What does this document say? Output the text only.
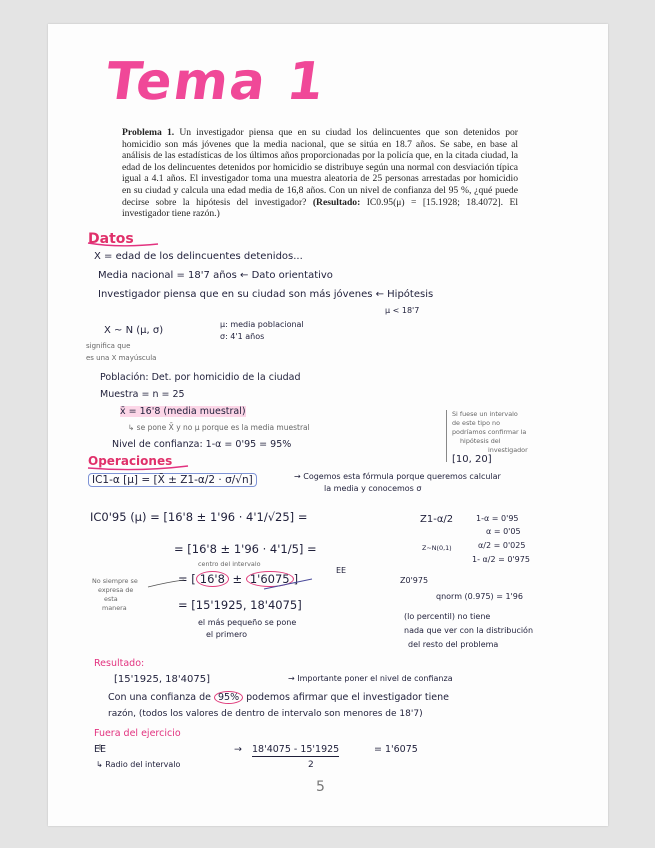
Tema 1
Problema 1. Un investigador piensa que en su ciudad los delincuentes que son detenidos por homicidio son más jóvenes que la media nacional, que se sitúa en 18.7 años. Se sabe, en base al análisis de las estadísticas de los últimos años proporcionadas por la policía que, en la citada ciudad, la edad de los delincuentes detenidos por homicidio se distribuye según una normal con desviación típica igual a 4.1 años. El investigador toma una muestra aleatoria de 25 personas arrestadas por homicidio en su ciudad y calcula una edad media de 16,8 años. Con un nivel de confianza del 95 %, ¿qué puede decirse sobre la hipótesis del investigador? (Resultado: IC0.95(μ) = [15.1928; 18.4072]. El investigador tiene razón.)
Datos
X = edad de los delincuentes detenidos...
Media nacional = 18'7 años ← Dato orientativo
Investigador piensa que en su ciudad son más jóvenes ← Hipótesis
μ < 18'7
X ~ N (μ, σ)
μ: media poblacional
σ: 4'1 años
significa que
es una X mayúscula
Población: Det. por homicidio de la ciudad
Muestra = n = 25
x̄ = 16'8 (media muestral)
↳ se pone X̄ y no μ porque es la media muestral
Nivel de confianza: 1-α = 0'95 = 95%
Si fuese un intervalo
de este tipo no
podríamos confirmar la
hipótesis del
investigador
[10, 20]
Operaciones
IC1-α [μ] = [X̄ ± Z1-α/2 · σ/√n]	→ Cogemos esta fórmula porque queremos calcular
la media y conocemos σ
IC0'95 (μ) = [16'8 ± 1'96 · 4'1/√25] =
= [16'8 ± 1'96 · 4'1/5] =
centro del intervalo
= [ 16'8 ± 1'6075 ]
EE
= [15'1925, 18'4075]
No siempre se
expresa de
esta
manera
el más pequeño se pone
el primero
Z1-α/2	1-α = 0'95
α = 0'05
α/2 = 0'025
1- α/2 = 0'975
Z~N(0,1)
Z0'975
qnorm (0.975) = 1'96
(lo percentil) no tiene
nada que ver con la distribución
del resto del problema
Resultado:
[15'1925, 18'4075]	→ Importante poner el nivel de confianza
Con una confianza de 95% podemos afirmar que el investigador tiene
razón, (todos los valores de dentro de intervalo son menores de 18'7)
Fuera del ejercicio
EE
↳ Radio del intervalo
→ 18'4075 - 15'1925
2
= 1'6075
5
